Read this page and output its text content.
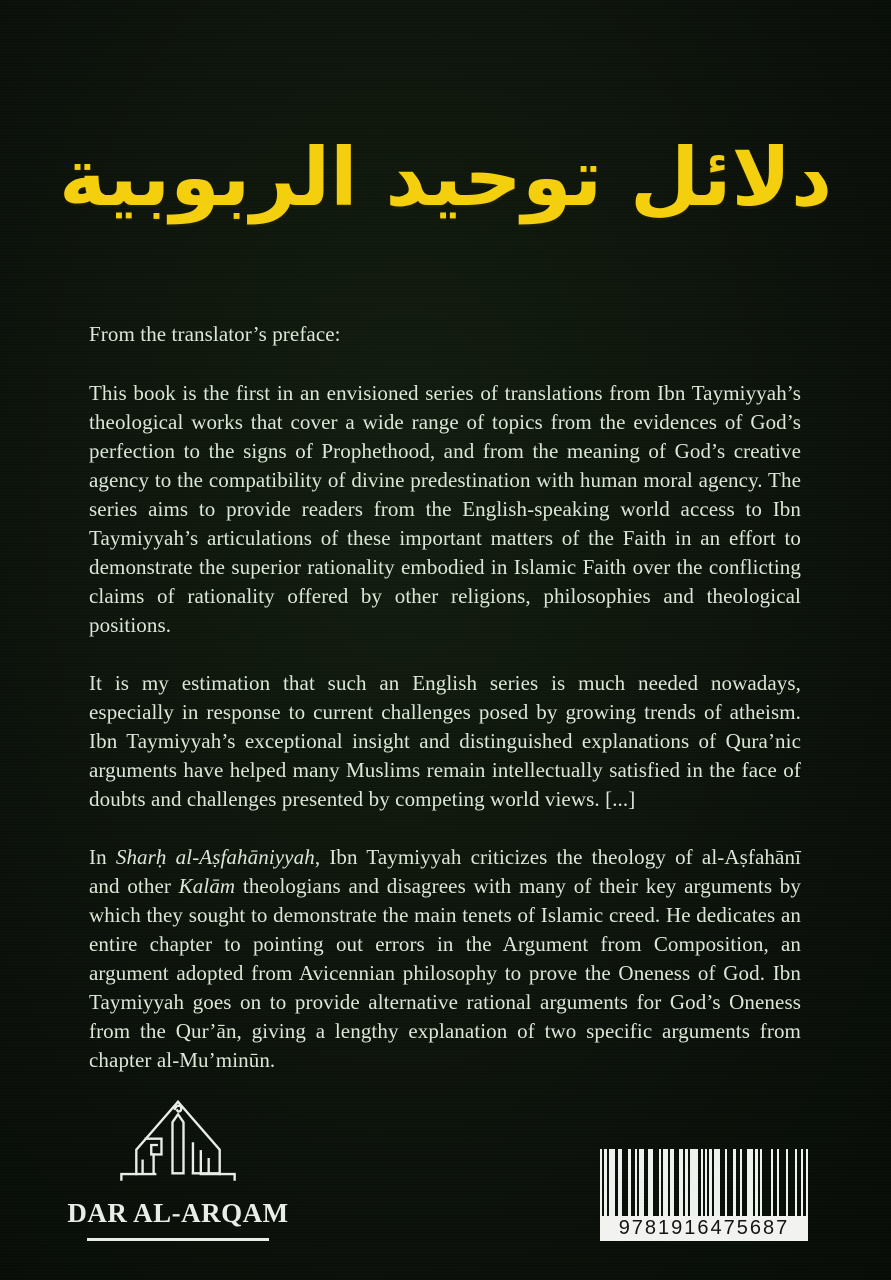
دلائل توحيد الربوبية

From the translator’s preface:

This book is the first in an envisioned series of translations from Ibn Taymiyyah’s theological works that cover a wide range of topics from the evidences of God’s perfection to the signs of Prophethood, and from the meaning of God’s creative agency to the compatibility of divine predestination with human moral agency. The series aims to provide readers from the English-speaking world access to Ibn Taymiyyah’s articulations of these important matters of the Faith in an effort to demonstrate the superior rationality embodied in Islamic Faith over the conflicting claims of rationality offered by other religions, philosophies and theological positions.

It is my estimation that such an English series is much needed nowadays, especially in response to current challenges posed by growing trends of atheism. Ibn Taymiyyah’s exceptional insight and distinguished explanations of Qura’nic arguments have helped many Muslims remain intellectually satisfied in the face of doubts and challenges presented by competing world views. [...]

In Sharḥ al-Aṣfahāniyyah, Ibn Taymiyyah criticizes the theology of al-Aṣfahānī and other Kalām theologians and disagrees with many of their key arguments by which they sought to demonstrate the main tenets of Islamic creed. He dedicates an entire chapter to pointing out errors in the Argument from Composition, an argument adopted from Avicennian philosophy to prove the Oneness of God. Ibn Taymiyyah goes on to provide alternative rational arguments for God’s Oneness from the Qur’ān, giving a lengthy explanation of two specific arguments from chapter al-Mu’minūn.

DAR AL-ARQAM	9781916475687
